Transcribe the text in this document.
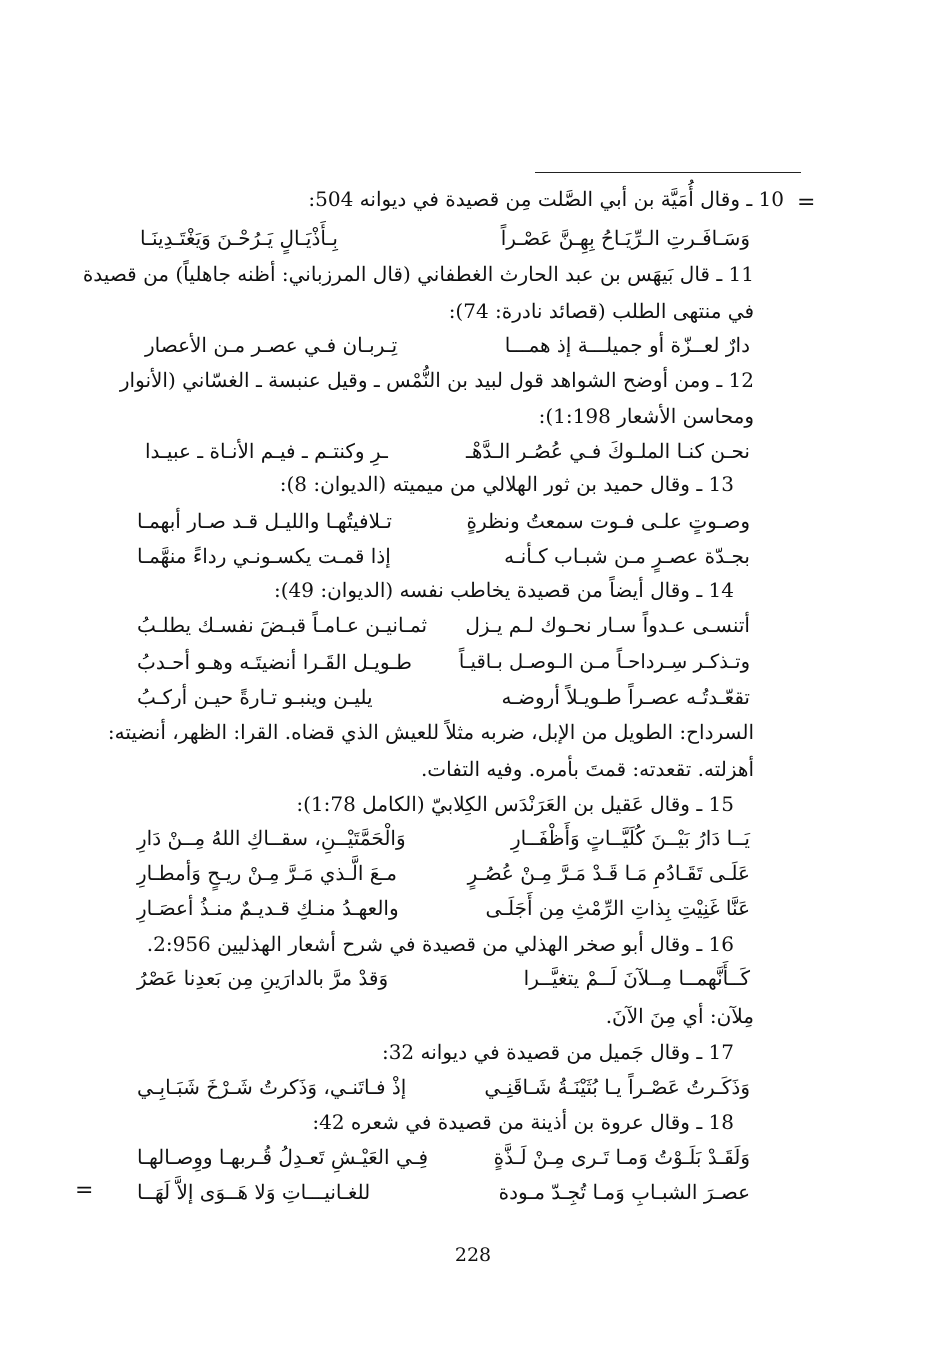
=
=
10 ـ وقال أُمَيَّة بن أبي الصَّلت مِن قصيدة في ديوانه 504:
وَسَـافَـرتِ الـرِّيَـاحُ بِهِـنَّ عَصْـراً
بِـأَذْيَـالٍ يَـرُحْـنَ وَيَغْتَـدِينَـا
11 ـ قال بَيهَس بن عبد الحارث الغطفاني (قال المرزباني: أظنه جاهلياً) من قصيدة
في منتهى الطلب (قصائد نادرة: 74):
دارٌ لعــزّة أو جميلـــة إذ همـــا
تِـربـان فـي عصـر مـن الأعصار
12 ـ ومن أوضح الشواهد قول لبيد بن النُّمْس ـ وقيل عنبسة ـ الغسّاني (الأنوار
ومحاسن الأشعار 1:198):
نحـن كنـا الملـوكَ فـي عُصُـر الـدَّهْـ
ـرِ وكنتـم ـ فيـم الأنـاة ـ عبيـدا
13 ـ وقال حميد بن ثور الهلالي من ميميته (الديوان: 8):
وصـوتٍ علـى فـوت سمعتُ ونظرةٍ
تـلافيتُهـا والليـل قـد صـار أبهمـا
بجـدّة عصـرٍ مـن شبـاب كـأنـه
إذا قمـت يكسـونـي رداءً منهَّمـا
14 ـ وقال أيضاً من قصيدة يخاطب نفسه (الديوان: 49):
أتنسـى عـدواً سـار نحـوك لـم يـزل
ثمـانيـن عـامـاً قبـضَ نفسـك يطلـبُ
وتـذكـر سِـرداحـاً مـن الـوصـل بـاقيـاً
طـويـل القَـرا أنضيتَـه وهـو أحـدبُ
تقعّـدتُـه عصـراً طـويـلاً أروضـه
يليـن وينبـو تـارةً حيـن أركـبُ
السرداح: الطويل من الإبل، ضربه مثلاً للعيش الذي قضاه. القرا: الظهر، أنضيته:
أهزلته. تقعدته: قمتَ بأمره. وفيه التفات.
15 ـ وقال عَقيل بن العَرَنْدَس الكِلابيّ (الكامل 1:78):
يَــا دَارُ بَيْــنَ كُلَيَّــاتٍ وَأَظْفَــارِ
وَالْحَمَّتَيْــنِ، سقــاكِ اللهُ مِــنْ دَارِ
عَلَـى تَقَـادُمِ مَـا قَـدْ مَـرَّ مِـنْ عُصُـرٍ
مـعَ الَّـذي مَـرَّ مِـنْ ريـحٍ وَأمطـارِ
عَنَّا غَنِيْتِ بِذاتِ الرِّمْثِ مِن أَجَلَـى
والعهـدُ منـكِ قـديـمٌ منـذُ أعصَـارِ
16 ـ وقال أبو صخر الهذلي من قصيدة في شرح أشعار الهذليين 2:956.
كَــأَنَّهمــا مِــلآنَ لَــمْ يتغيَّــرا
وَقدْ مرَّ بالدارَينِ مِن بَعدِنا عَصْرُ
مِلآن: أي مِنَ الآنَ.
17 ـ وقال جَميل من قصيدة في ديوانه 32:
وَذَكَـرتُ عَصْـراً يـا بُثَيْنَـةُ شَـاقَنِـي
إذْ فـاتَنـي، وَذَكرتُ شَـرْخَ شَبَـابِـي
18 ـ وقال عروة بن أذينة من قصيدة في شعره 42:
وَلَقَـدْ بَلَـوْتُ وَمـا تَـرى مِـنْ لَـذَّةٍ
فِـي العَيْـشِ تَعـدِلُ قُـربهـا ووِصـالهـا
عصـرَ الشبـابِ وَمـا تُجِـدّ مـودة
للغـانيـــاتِ وَلا هَــوَى إلاَّ لَهَــا
228
